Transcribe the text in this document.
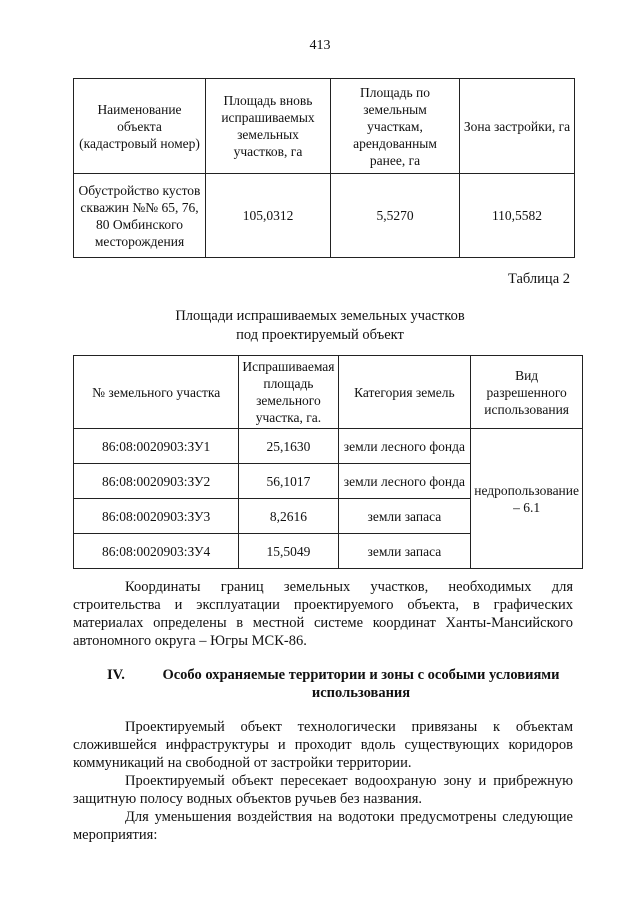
413
Наименование объекта (кадастровый номер)	Площадь вновь испрашиваемых земельных участков, га	Площадь по земельным участкам, арендованным ранее, га	Зона застройки, га
Обустройство кустов скважин №№ 65, 76, 80 Омбинского месторождения	105,0312	5,5270	110,5582
Таблица 2
Площади испрашиваемых земельных участков
под проектируемый объект
№ земельного участка	Испрашиваемая площадь земельного участка, га.	Категория земель	Вид разрешенного использования
86:08:0020903:ЗУ1	25,1630	земли лесного фонда	недропользование – 6.1
86:08:0020903:ЗУ2	56,1017	земли лесного фонда	
86:08:0020903:ЗУ3	8,2616	земли запаса	
86:08:0020903:ЗУ4	15,5049	земли запаса	
Координаты границ земельных участков, необходимых для строительства и эксплуатации проектируемого объекта, в графических материалах определены в местной системе координат Ханты-Мансийского автономного округа – Югры МСК-86.
IV.	Особо охраняемые территории и зоны с особыми условиями использования
Проектируемый объект технологически привязаны к объектам сложившейся инфраструктуры и проходит вдоль существующих коридоров коммуникаций на свободной от застройки территории.
Проектируемый объект пересекает водоохраную зону и прибрежную защитную полосу водных объектов ручьев без названия.
Для уменьшения воздействия на водотоки предусмотрены следующие мероприятия:
